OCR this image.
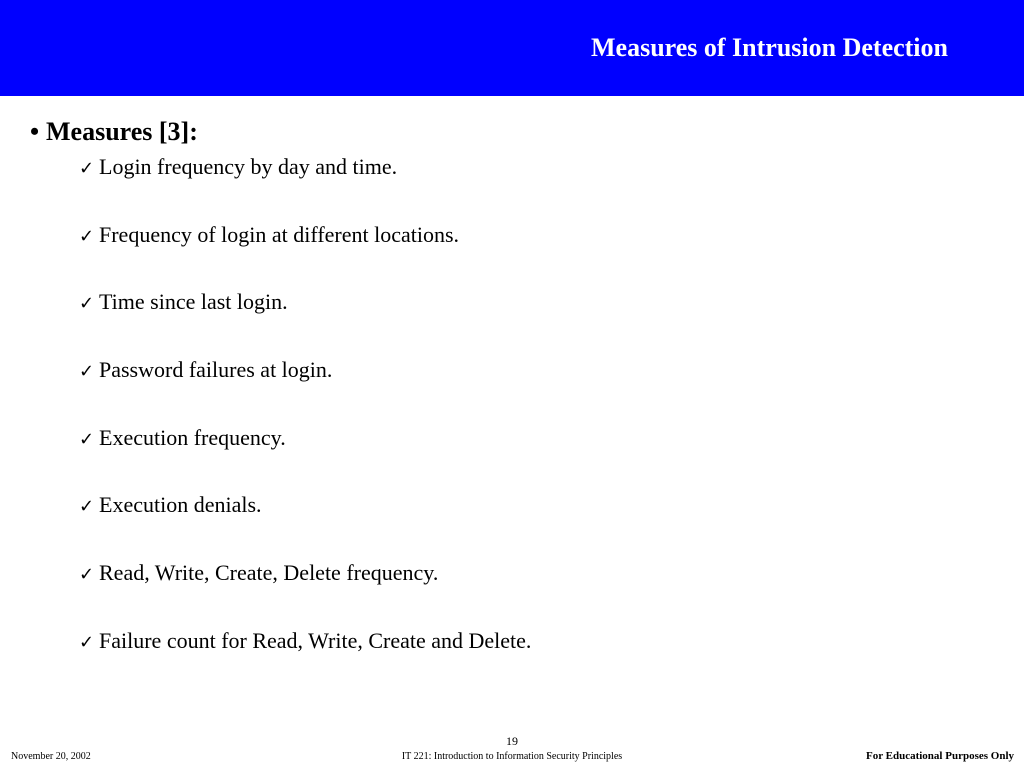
Measures of Intrusion Detection
• Measures [3]:
✓ Login frequency by day and time.
✓ Frequency of login at different locations.
✓ Time since last login.
✓ Password failures at login.
✓ Execution frequency.
✓ Execution denials.
✓ Read, Write, Create, Delete frequency.
✓ Failure count for Read, Write, Create and Delete.
November 20, 2002
19
IT 221: Introduction to Information Security Principles	For Educational Purposes Only
